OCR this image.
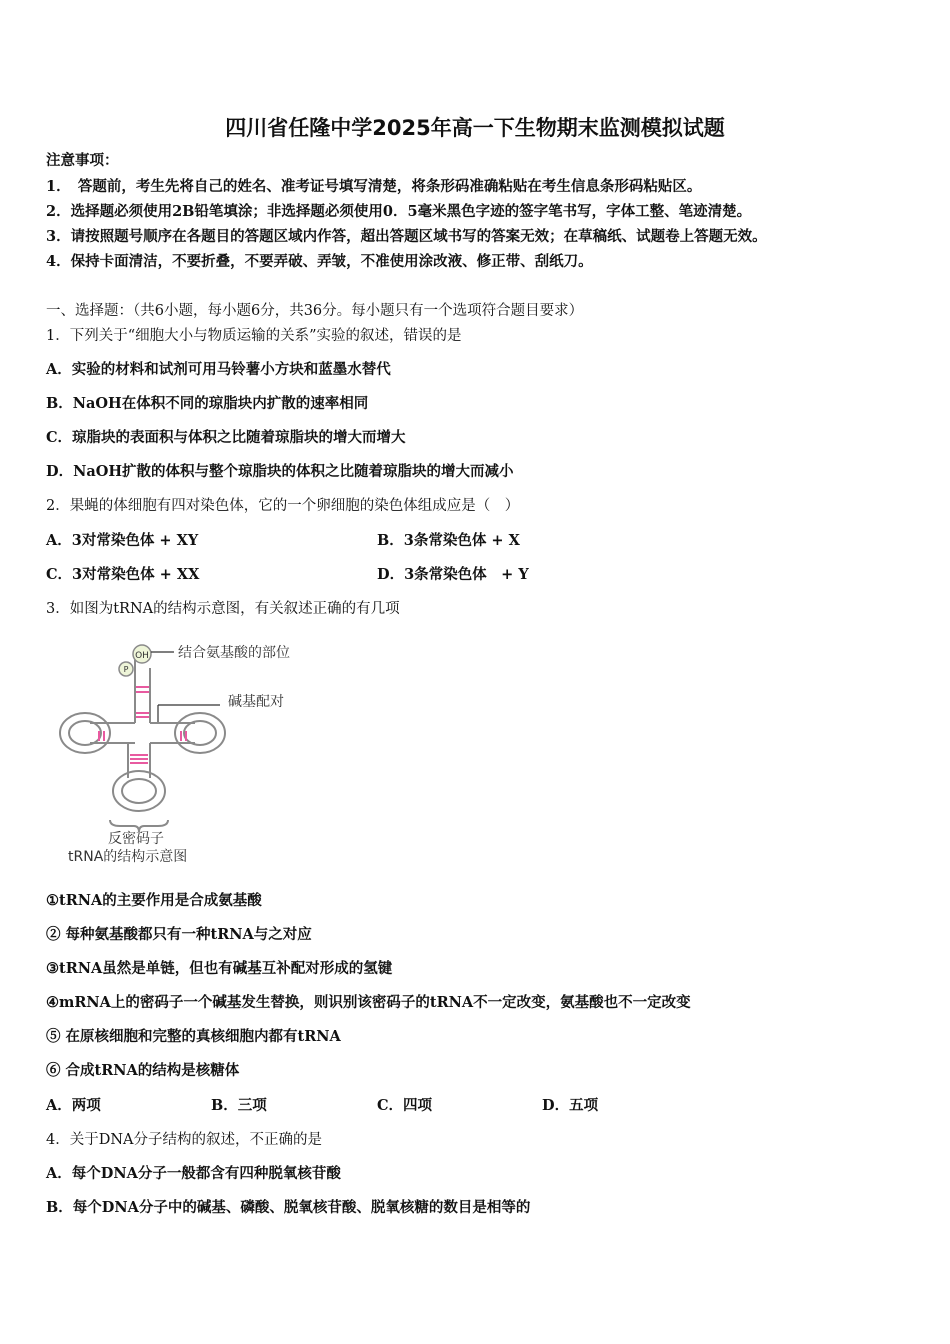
四川省任隆中学2025年高一下生物期末监测模拟试题
注意事项：
1．　答题前，考生先将自己的姓名、准考证号填写清楚，将条形码准确粘贴在考生信息条形码粘贴区。
2．选择题必须使用2B铅笔填涂；非选择题必须使用0．5毫米黑色字迹的签字笔书写，字体工整、笔迹清楚。
3．请按照题号顺序在各题目的答题区域内作答，超出答题区域书写的答案无效；在草稿纸、试题卷上答题无效。
4．保持卡面清洁，不要折叠，不要弄破、弄皱，不准使用涂改液、修正带、刮纸刀。
一、选择题：（共6小题，每小题6分，共36分。每小题只有一个选项符合题目要求）
1．下列关于“细胞大小与物质运输的关系”实验的叙述，错误的是
A．实验的材料和试剂可用马铃薯小方块和蓝墨水替代
B．NaOH在体积不同的琼脂块内扩散的速率相同
C．琼脂块的表面积与体积之比随着琼脂块的增大而增大
D．NaOH扩散的体积与整个琼脂块的体积之比随着琼脂块的增大而减小
2．果蝇的体细胞有四对染色体，它的一个卵细胞的染色体组成应是（　）
A．3对常染色体 + XY	B．3条常染色体 + X
C．3对常染色体 + XX	D．3条常染色体　+ Y
3．如图为tRNA的结构示意图，有关叙述正确的有几项
OH
P
结合氨基酸的部位
碱基配对
反密码子
tRNA的结构示意图
①tRNA的主要作用是合成氨基酸
② 每种氨基酸都只有一种tRNA与之对应
③tRNA虽然是单链，但也有碱基互补配对形成的氢键
④mRNA上的密码子一个碱基发生替换，则识别该密码子的tRNA不一定改变，氨基酸也不一定改变
⑤ 在原核细胞和完整的真核细胞内都有tRNA
⑥ 合成tRNA的结构是核糖体
A．两项	B．三项	C．四项	D．五项
4．关于DNA分子结构的叙述，不正确的是
A．每个DNA分子一般都含有四种脱氧核苷酸
B．每个DNA分子中的碱基、磷酸、脱氧核苷酸、脱氧核糖的数目是相等的
